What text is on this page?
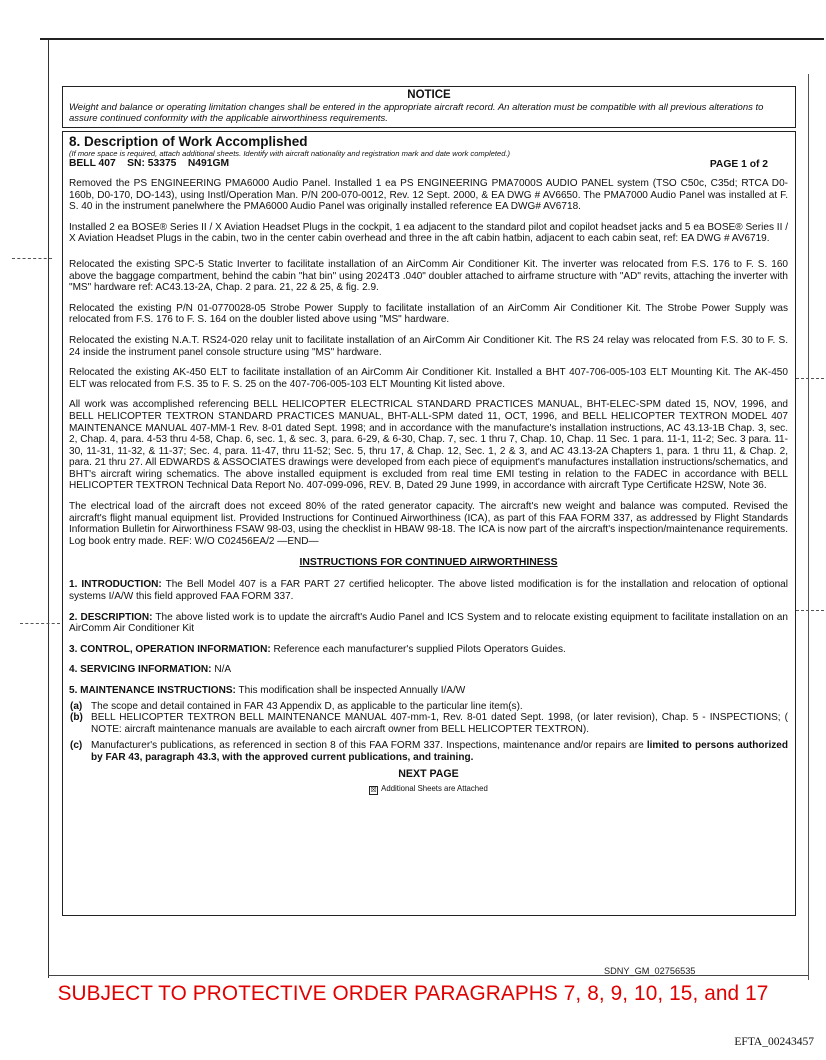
NOTICE
Weight and balance or operating limitation changes shall be entered in the appropriate aircraft record. An alteration must be compatible with all previous alterations to assure continued conformity with the applicable airworthiness requirements.
8. Description of Work Accomplished
(If more space is required, attach additional sheets. Identify with aircraft nationality and registration mark and date work completed.)
BELL 407    SN: 53375    N491GM	PAGE 1 of 2

Removed the PS ENGINEERING PMA6000 Audio Panel. Installed 1 ea PS ENGINEERING PMA7000S AUDIO PANEL system (TSO C50c, C35d; RTCA D0-160b, D0-170, DO-143), using Instl/Operation Man. P/N 200-070-0012, Rev. 12 Sept. 2000, & EA DWG # AV6650. The PMA7000 Audio Panel was installed at F. S. 40 in the instrument panelwhere the PMA6000 Audio Panel was originally installed reference EA DWG# AV6718.

Installed 2 ea BOSE® Series II / X Aviation Headset Plugs in the cockpit, 1 ea adjacent to the standard pilot and copilot headset jacks and 5 ea BOSE® Series II / X Aviation Headset Plugs in the cabin, two in the center cabin overhead and three in the aft cabin hatbin, adjacent to each cabin seat, ref: EA DWG # AV6719.

Relocated the existing SPC-5 Static Inverter to facilitate installation of an AirComm Air Conditioner Kit. The inverter was relocated from F.S. 176 to F. S. 160 above the baggage compartment, behind the cabin "hat bin" using 2024T3 .040" doubler attached to airframe structure with "AD" revits, attaching the inverter with "MS" hardware ref: AC43.13-2A, Chap. 2 para. 21, 22 & 25, & fig. 2.9.

Relocated the existing P/N 01-0770028-05 Strobe Power Supply to facilitate installation of an AirComm Air Conditioner Kit. The Strobe Power Supply was relocated from F.S. 176 to F. S. 164 on the doubler listed above using "MS" hardware.

Relocated the existing N.A.T. RS24-020 relay unit to facilitate installation of an AirComm Air Conditioner Kit. The RS 24 relay was relocated from F.S. 30 to F. S. 24 inside the instrument panel console structure using "MS" hardware.

Relocated the existing AK-450 ELT to facilitate installation of an AirComm Air Conditioner Kit. Installed a BHT 407-706-005-103 ELT Mounting Kit. The AK-450 ELT was relocated from F.S. 35 to F. S. 25 on the 407-706-005-103 ELT Mounting Kit listed above.

All work was accomplished referencing BELL HELICOPTER ELECTRICAL STANDARD PRACTICES MANUAL, BHT-ELEC-SPM dated 15, NOV, 1996, and BELL HELICOPTER TEXTRON STANDARD PRACTICES MANUAL, BHT-ALL-SPM dated 11, OCT, 1996, and BELL HELICOPTER TEXTRON MODEL 407 MAINTENANCE MANUAL 407-MM-1 Rev. 8-01 dated Sept. 1998; and in accordance with the manufacture's installation instructions, AC 43.13-1B Chap. 3, sec. 2, Chap. 4, para. 4-53 thru 4-58, Chap. 6, sec. 1, & sec. 3, para. 6-29, & 6-30, Chap. 7, sec. 1 thru 7, Chap. 10, Chap. 11 Sec. 1 para. 11-1, 11-2; Sec. 3 para. 11-30, 11-31, 11-32, & 11-37; Sec. 4, para. 11-47, thru 11-52; Sec. 5, thru 17, & Chap. 12, Sec. 1, 2 & 3, and AC 43.13-2A Chapters 1, para. 1 thru 11, & Chap. 2, para. 21 thru 27. All EDWARDS & ASSOCIATES drawings were developed from each piece of equipment's manufactures installation instructions/schematics, and BHT's aircraft wiring schematics. The above installed equipment is excluded from real time EMI testing in relation to the FADEC in accordance with BELL HELICOPTER TEXTRON Technical Data Report No. 407-099-096, REV. B, Dated 29 June 1999, in accordance with aircraft Type Certificate H2SW, Note 36.

The electrical load of the aircraft does not exceed 80% of the rated generator capacity. The aircraft's new weight and balance was computed. Revised the aircraft's flight manual equipment list. Provided Instructions for Continued Airworthiness (ICA), as part of this FAA FORM 337, as addressed by Flight Standards Information Bulletin for Airworthiness FSAW 98-03, using the checklist in HBAW 98-18. The ICA is now part of the aircraft's inspection/maintenance requirements. Log book entry made. REF: W/O C02456EA/2 —END—

INSTRUCTIONS FOR CONTINUED AIRWORTHINESS

1. INTRODUCTION: The Bell Model 407 is a FAR PART 27 certified helicopter. The above listed modification is for the installation and relocation of optional systems I/A/W this field approved FAA FORM 337.

2. DESCRIPTION: The above listed work is to update the aircraft's Audio Panel and ICS System and to relocate existing equipment to facilitate installation on an AirComm Air Conditioner Kit

3. CONTROL, OPERATION INFORMATION: Reference each manufacturer's supplied Pilots Operators Guides.

4. SERVICING INFORMATION: N/A

5. MAINTENANCE INSTRUCTIONS: This modification shall be inspected Annually I/A/W

(a) The scope and detail contained in FAR 43 Appendix D, as applicable to the particular line item(s).
(b) BELL HELICOPTER TEXTRON BELL MAINTENANCE MANUAL 407-mm-1, Rev. 8-01 dated Sept. 1998, (or later revision), Chap. 5 - INSPECTIONS; ( NOTE: aircraft maintenance manuals are available to each aircraft owner from BELL HELICOPTER TEXTRON).
(c) Manufacturer's publications, as referenced in section 8 of this FAA FORM 337. Inspections, maintenance and/or repairs are limited to persons authorized by FAR 43, paragraph 43.3, with the approved current publications, and training.
NEXT PAGE
☒ Additional Sheets are Attached
SDNY_GM_02756535
SUBJECT TO PROTECTIVE ORDER PARAGRAPHS 7, 8, 9, 10, 15, and 17
EFTA_00243457
